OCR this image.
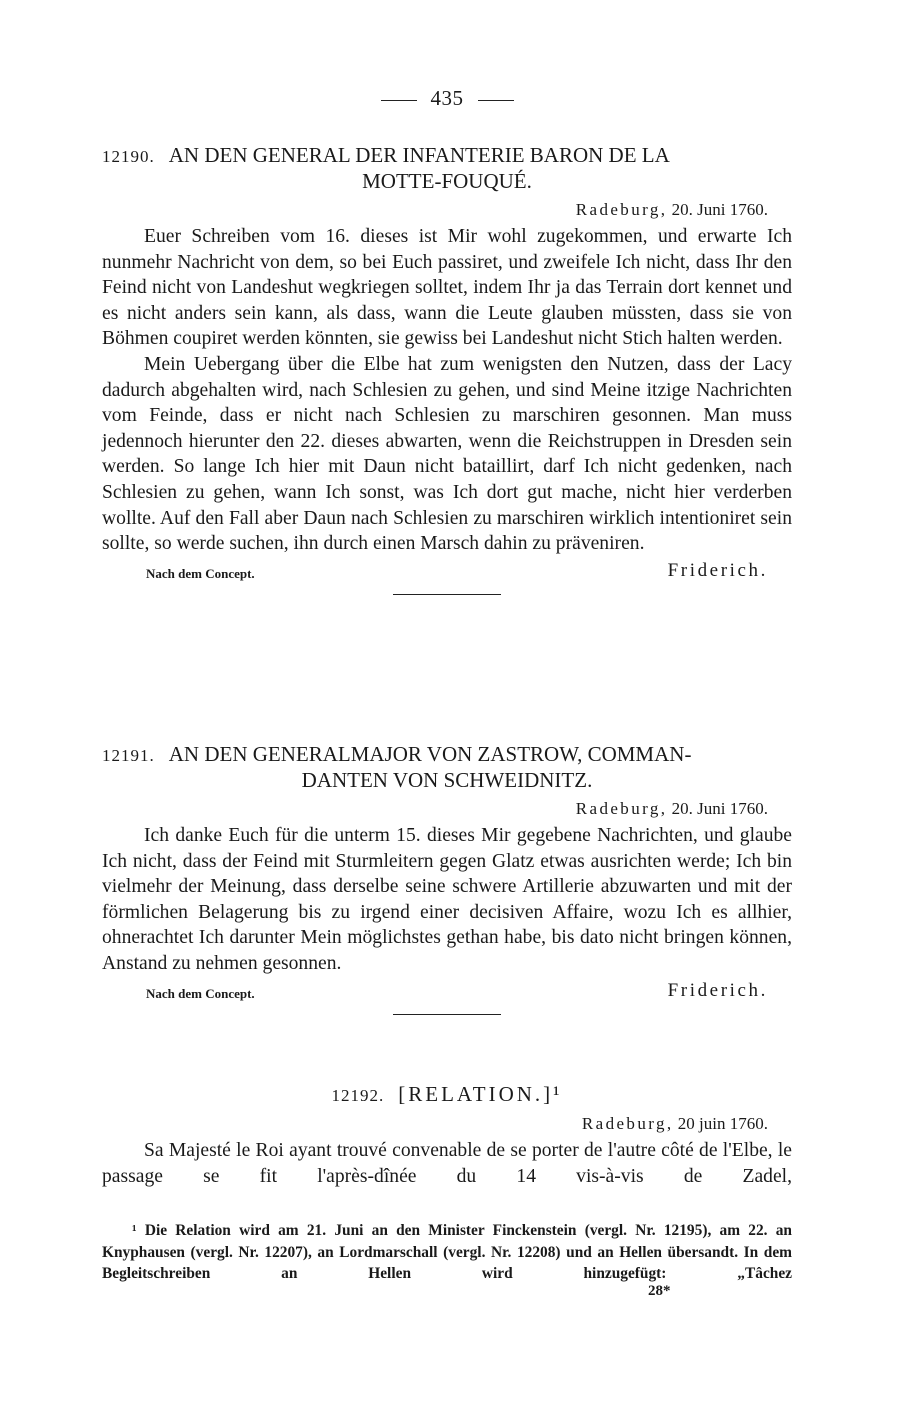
435
12190. AN DEN GENERAL DER INFANTERIE BARON DE LA
MOTTE-FOUQUÉ.
Radeburg, 20. Juni 1760.

Euer Schreiben vom 16. dieses ist Mir wohl zugekommen, und erwarte Ich nunmehr Nachricht von dem, so bei Euch passiret, und zweifele Ich nicht, dass Ihr den Feind nicht von Landeshut wegkriegen solltet, indem Ihr ja das Terrain dort kennet und es nicht anders sein kann, als dass, wann die Leute glauben müssten, dass sie von Böhmen coupiret werden könnten, sie gewiss bei Landeshut nicht Stich halten werden.

Mein Uebergang über die Elbe hat zum wenigsten den Nutzen, dass der Lacy dadurch abgehalten wird, nach Schlesien zu gehen, und sind Meine itzige Nachrichten vom Feinde, dass er nicht nach Schlesien zu marschiren gesonnen. Man muss jedennoch hierunter den 22. dieses abwarten, wenn die Reichstruppen in Dresden sein werden. So lange Ich hier mit Daun nicht bataillirt, darf Ich nicht gedenken, nach Schlesien zu gehen, wann Ich sonst, was Ich dort gut mache, nicht hier verderben wollte. Auf den Fall aber Daun nach Schlesien zu marschiren wirklich intentioniret sein sollte, so werde suchen, ihn durch einen Marsch dahin zu präveniren.

Nach dem Concept.	Friderich.
12191. AN DEN GENERALMAJOR VON ZASTROW, COMMAN-
DANTEN VON SCHWEIDNITZ.
Radeburg, 20. Juni 1760.

Ich danke Euch für die unterm 15. dieses Mir gegebene Nachrichten, und glaube Ich nicht, dass der Feind mit Sturmleitern gegen Glatz etwas ausrichten werde; Ich bin vielmehr der Meinung, dass derselbe seine schwere Artillerie abzuwarten und mit der förmlichen Belagerung bis zu irgend einer decisiven Affaire, wozu Ich es allhier, ohnerachtet Ich darunter Mein möglichstes gethan habe, bis dato nicht bringen können, Anstand zu nehmen gesonnen.

Nach dem Concept.	Friderich.
12192. [RELATION.]¹
Radeburg, 20 juin 1760.

Sa Majesté le Roi ayant trouvé convenable de se porter de l'autre côté de l'Elbe, le passage se fit l'après-dînée du 14 vis-à-vis de Zadel,

¹ Die Relation wird am 21. Juni an den Minister Finckenstein (vergl. Nr. 12195), am 22. an Knyphausen (vergl. Nr. 12207), an Lordmarschall (vergl. Nr. 12208) und an Hellen übersandt. In dem Begleitschreiben an Hellen wird hinzugefügt: „Tâchez

28*
